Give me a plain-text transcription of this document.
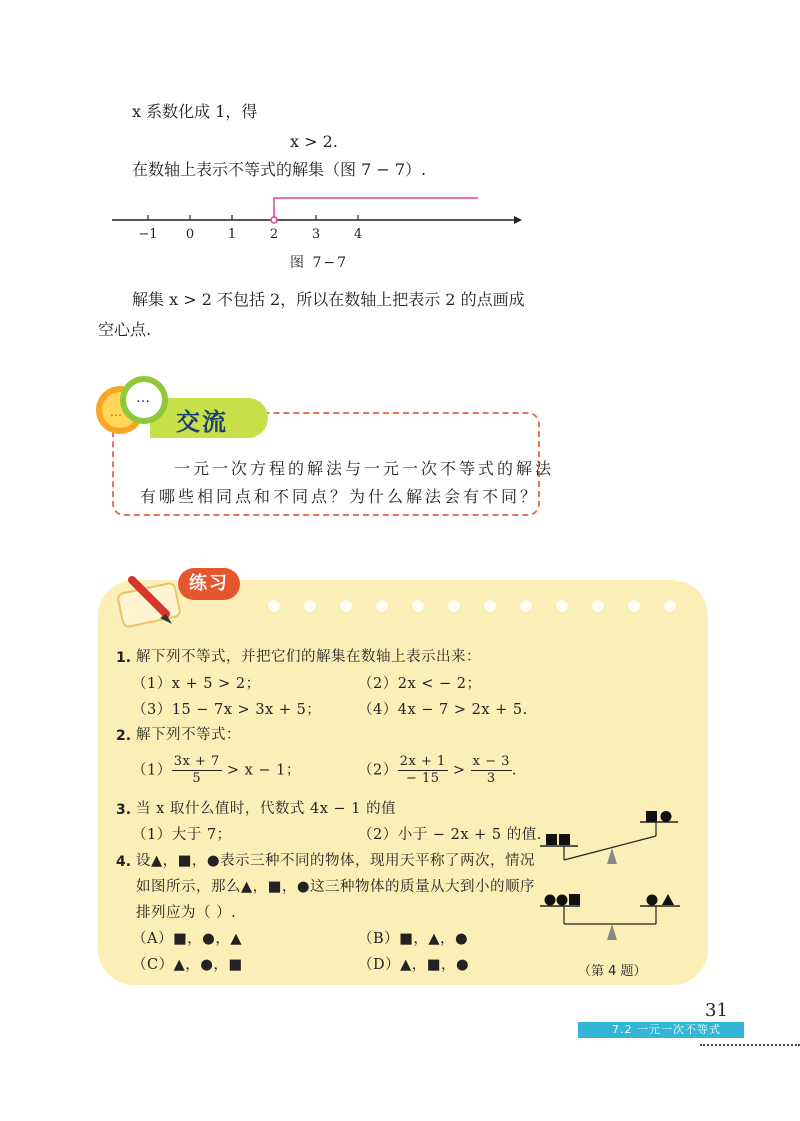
x 系数化成 1，得
x > 2.
在数轴上表示不等式的解集（图 7 − 7）.
−1 0	1	2	3	4
图 7−7
解集 x > 2 不包括 2，所以在数轴上把表示 2 的点画成
空心点.
…
… 交流
一元一次方程的解法与一元一次不等式的解法
有哪些相同点和不同点？为什么解法会有不同？
练习
1. 解下列不等式，并把它们的解集在数轴上表示出来：
（1）x + 5 > 2；	（2）2x < − 2；
（3）15 − 7x > 3x + 5；	（4）4x − 7 > 2x + 5.
2. 解下列不等式：
$(1) \frac{3x + 7}{5} > x - 1$；	$(2) \frac{2x + 1}{- 15} > \frac{x - 3}{3}$ .
3. 当 x 取什么值时，代数式 4x − 1 的值
（1）大于 7；	（2）小于 − 2x + 5 的值.
4. 设▲，■，●表示三种不同的物体，现用天平称了两次，情况
如图所示，那么▲，■，●这三种物体的质量从大到小的顺序
排列应为（ ）.
（A）■，●，▲	（B）■，▲，●
（C）▲，●，■	（D）▲，■，●	（第 4 题）
31
7.2 一元一次不等式
